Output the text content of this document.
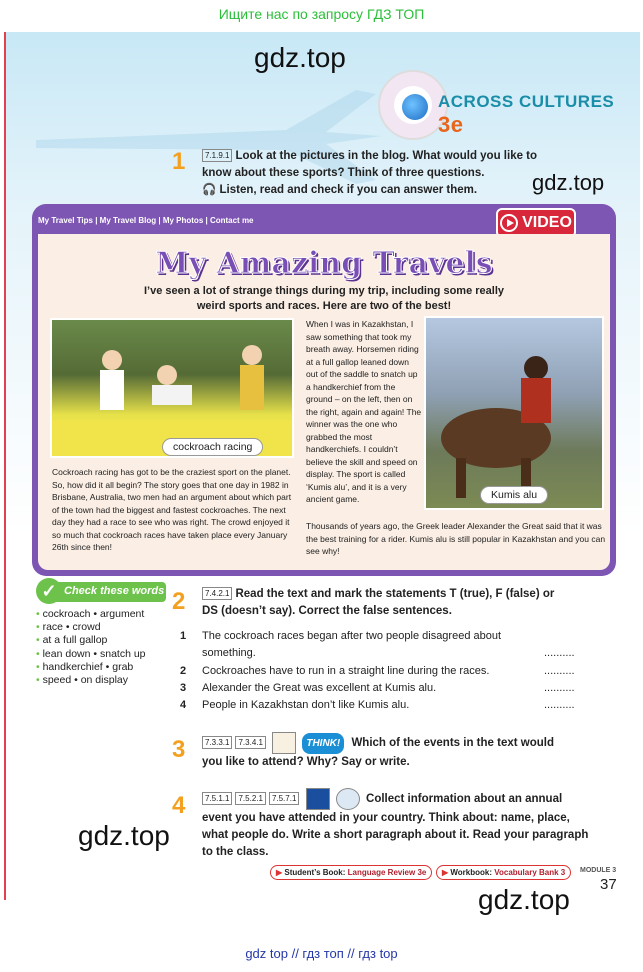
Ищите нас по запросу ГДЗ ТОП
ACROSS CULTURES 3e
1	7.1.9.1 Look at the pictures in the blog. What would you like to
know about these sports? Think of three questions.
🎧 Listen, read and check if you can answer them.
My Travel Tips | My Travel Blog | My Photos | Contact me	VIDEO
My Amazing Travels
I’ve seen a lot of strange things during my trip, including some really
weird sports and races. Here are two of the best!
cockroach racing
Cockroach racing has got to be the craziest sport on the planet. So, how did it all begin? The story goes that one day in 1982 in Brisbane, Australia, two men had an argument about which part of the town had the biggest and fastest cockroaches. The next day they had a race to see who was right. The crowd enjoyed it so much that cockroach races have taken place every January 26th since then!
When I was in Kazakhstan, I saw something that took my breath away. Horsemen riding at a full gallop leaned down out of the saddle to snatch up a handkerchief from the ground – on the left, then on the right, again and again! The winner was the one who grabbed the most handkerchiefs. I couldn’t believe the skill and speed on display. The sport is called ‘Kumis alu’, and it is a very ancient game.	Kumis alu
Thousands of years ago, the Greek leader Alexander the Great said that it was the best training for a rider. Kumis alu is still popular in Kazakhstan and you can see why!
Check these words
✓
• cockroach • argument
• race • crowd
• at a full gallop
• lean down • snatch up
• handkerchief • grab
• speed • on display
2	7.4.2.1 Read the text and mark the statements T (true), F (false) or
DS (doesn’t say). Correct the false sentences.
1 The cockroach races began after two people disagreed about something.	..........
2 Cockroaches have to run in a straight line during the races.	..........
3 Alexander the Great was excellent at Kumis alu.	..........
4 People in Kazakhstan don’t like Kumis alu.	..........
3	7.3.3.1 7.3.4.1	THINK! Which of the events in the text would
you like to attend? Why? Say or write.
4	7.5.1.1 7.5.2.1 7.5.7.1	Collect information about an annual
event you have attended in your country. Think about: name, place,
what people do. Write a short paragraph about it. Read your paragraph
to the class.
gdz.top
gdz.top
gdz.top
gdz.top
▶ Student’s Book: Language Review 3e	▶ Workbook: Vocabulary Bank 3	MODULE 3
37
gdz top // гдз топ // гдз top
